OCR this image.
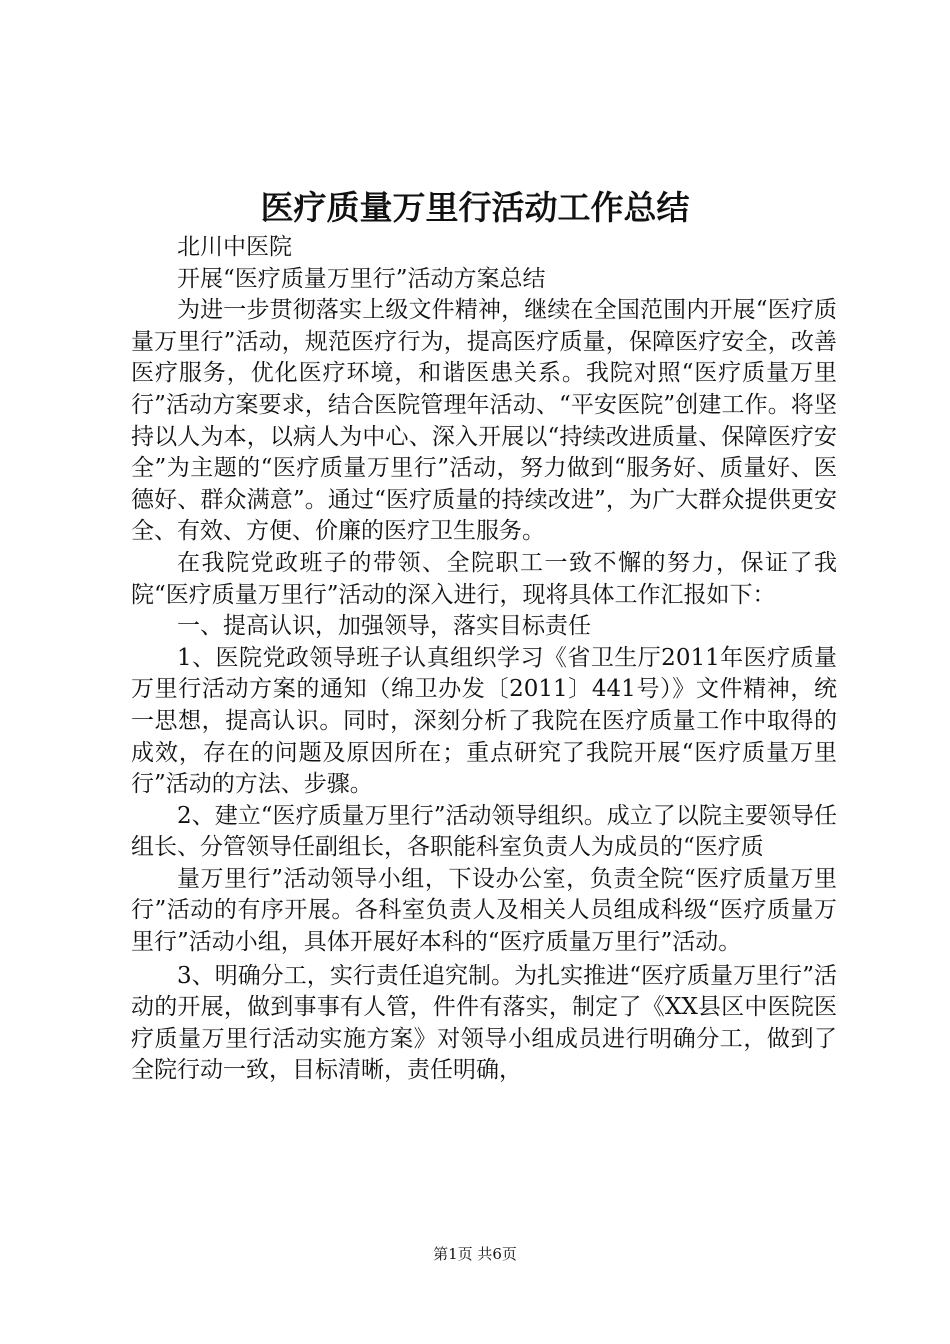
医疗质量万里行活动工作总结

北川中医院

开展“医疗质量万里行”活动方案总结

为进一步贯彻落实上级文件精神，继续在全国范围内开展“医疗质量万里行”活动，规范医疗行为，提高医疗质量，保障医疗安全，改善医疗服务，优化医疗环境，和谐医患关系。我院对照“医疗质量万里行”活动方案要求，结合医院管理年活动、“平安医院”创建工作。将坚持以人为本，以病人为中心、深入开展以“持续改进质量、保障医疗安全”为主题的“医疗质量万里行”活动，努力做到“服务好、质量好、医德好、群众满意”。通过“医疗质量的持续改进”，为广大群众提供更安全、有效、方便、价廉的医疗卫生服务。

在我院党政班子的带领、全院职工一致不懈的努力，保证了我院“医疗质量万里行”活动的深入进行，现将具体工作汇报如下：

一、提高认识，加强领导，落实目标责任

1、医院党政领导班子认真组织学习《省卫生厅2011年医疗质量万里行活动方案的通知（绵卫办发〔2011〕441号）》文件精神，统一思想，提高认识。同时，深刻分析了我院在医疗质量工作中取得的成效，存在的问题及原因所在；重点研究了我院开展“医疗质量万里行”活动的方法、步骤。

2、建立“医疗质量万里行”活动领导组织。成立了以院主要领导任组长、分管领导任副组长，各职能科室负责人为成员的“医疗质

量万里行”活动领导小组，下设办公室，负责全院“医疗质量万里行”活动的有序开展。各科室负责人及相关人员组成科级“医疗质量万里行”活动小组，具体开展好本科的“医疗质量万里行”活动。

3、明确分工，实行责任追究制。为扎实推进“医疗质量万里行”活动的开展，做到事事有人管，件件有落实，制定了《XX县区中医院医疗质量万里行活动实施方案》对领导小组成员进行明确分工，做到了全院行动一致，目标清晰，责任明确，

第1页 共6页
